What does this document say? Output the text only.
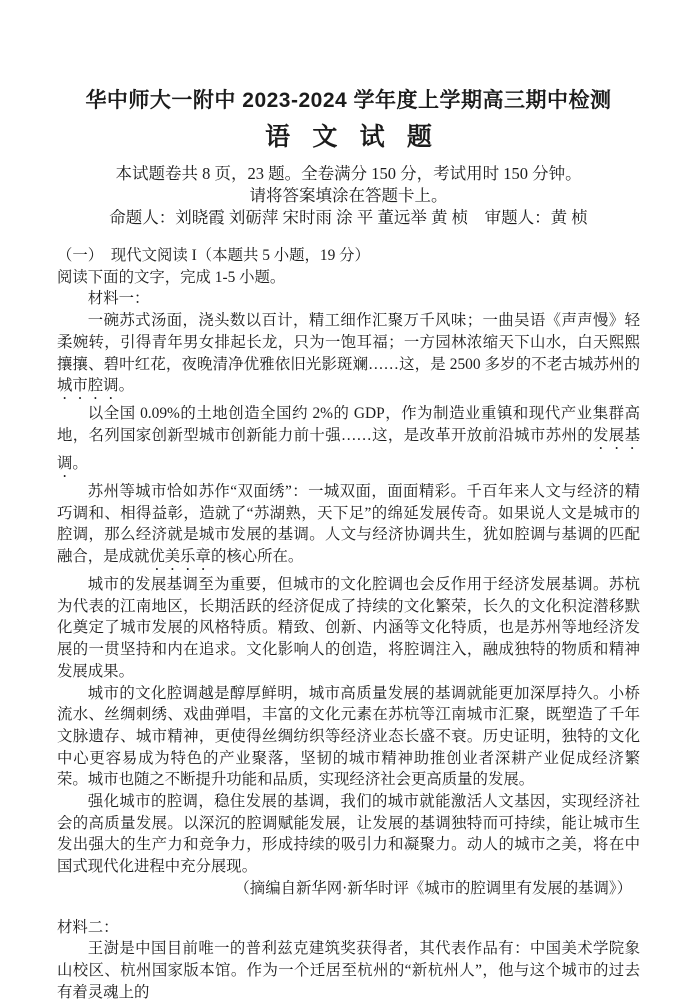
华中师大一附中 2023-2024 学年度上学期高三期中检测
语 文 试 题

本试题卷共 8 页，23 题。全卷满分 150 分，考试用时 150 分钟。

请将答案填涂在答题卡上。

命题人：刘晓霞 刘砺萍 宋时雨 涂 平 董远举 黄 桢    审题人：黄 桢

（一）  现代文阅读 I（本题共 5 小题，19 分）

阅读下面的文字，完成 1-5 小题。

材料一：

一碗苏式汤面，浇头数以百计，精工细作汇聚万千风味；一曲吴语《声声慢》轻柔婉转，引得青年男女排起长龙，只为一饱耳福；一方园林浓缩天下山水，白天熙熙攘攘、碧叶红花，夜晚清净优雅依旧光影斑斓……这，是 2500 多岁的不老古城苏州的城市腔调。

以全国 0.09%的土地创造全国约 2%的 GDP，作为制造业重镇和现代产业集群高地，名列国家创新型城市创新能力前十强……这，是改革开放前沿城市苏州的发展基调。

苏州等城市恰如苏作“双面绣”：一城双面，面面精彩。千百年来人文与经济的精巧调和、相得益彰，造就了“苏湖熟，天下足”的绵延发展传奇。如果说人文是城市的腔调，那么经济就是城市发展的基调。人文与经济协调共生，犹如腔调与基调的匹配融合，是成就优美乐章的核心所在。

城市的发展基调至为重要，但城市的文化腔调也会反作用于经济发展基调。苏杭为代表的江南地区，长期活跃的经济促成了持续的文化繁荣，长久的文化积淀潜移默化奠定了城市发展的风格特质。精致、创新、内涵等文化特质，也是苏州等地经济发展的一贯坚持和内在追求。文化影响人的创造，将腔调注入，融成独特的物质和精神发展成果。

城市的文化腔调越是醇厚鲜明，城市高质量发展的基调就能更加深厚持久。小桥流水、丝绸刺绣、戏曲弹唱，丰富的文化元素在苏杭等江南城市汇聚，既塑造了千年文脉遗存、城市精神，更使得丝绸纺织等经济业态长盛不衰。历史证明，独特的文化中心更容易成为特色的产业聚落，坚韧的城市精神助推创业者深耕产业促成经济繁荣。城市也随之不断提升功能和品质，实现经济社会更高质量的发展。

强化城市的腔调，稳住发展的基调，我们的城市就能激活人文基因，实现经济社会的高质量发展。以深沉的腔调赋能发展，让发展的基调独特而可持续，能让城市生发出强大的生产力和竞争力，形成持续的吸引力和凝聚力。动人的城市之美，将在中国式现代化进程中充分展现。

（摘编自新华网·新华时评《城市的腔调里有发展的基调》）

材料二：

王澍是中国目前唯一的普利兹克建筑奖获得者，其代表作品有：中国美术学院象山校区、杭州国家版本馆。作为一个迁居至杭州的“新杭州人”，他与这个城市的过去有着灵魂上的
